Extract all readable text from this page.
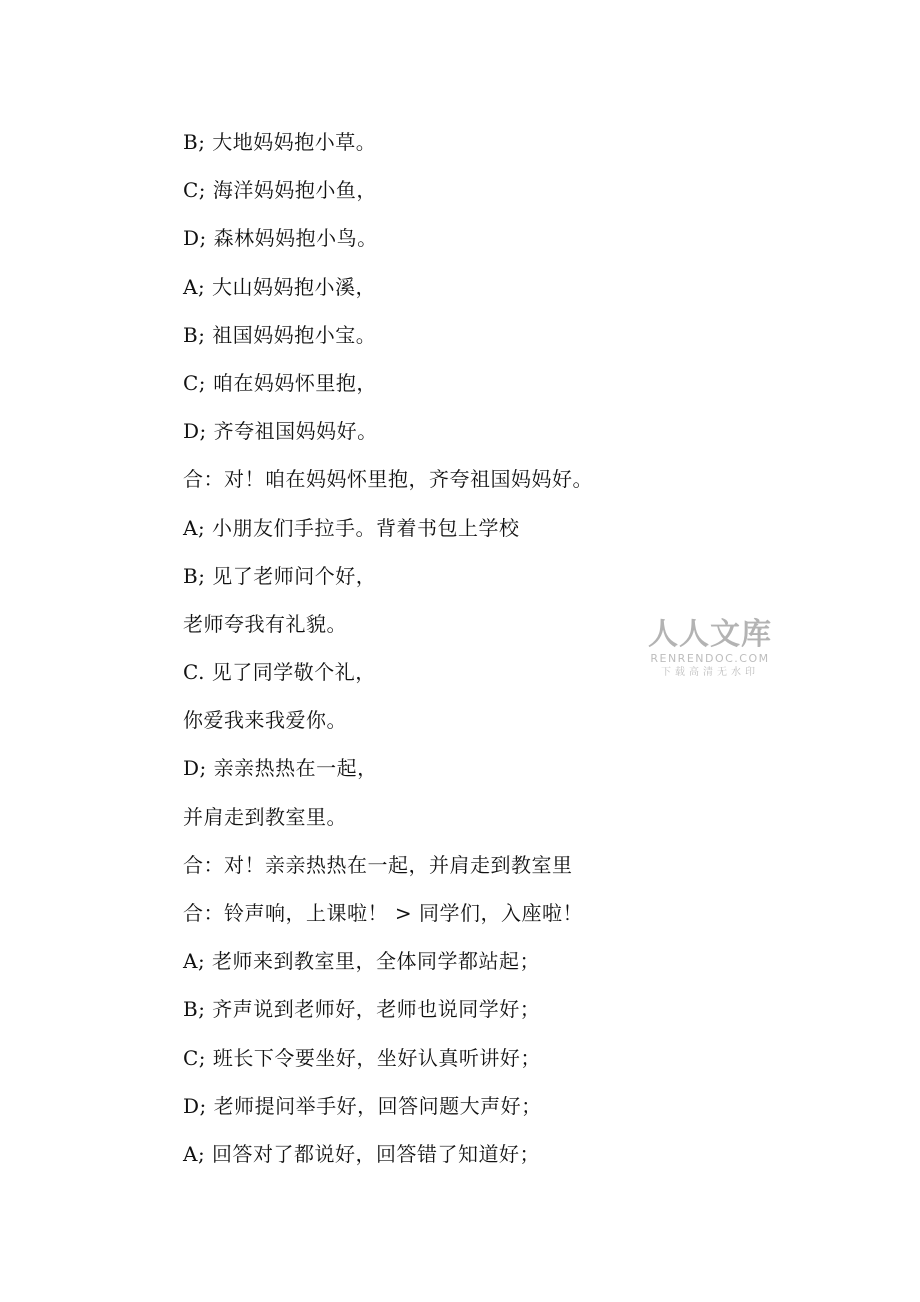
B; 大地妈妈抱小草。
C; 海洋妈妈抱小鱼，
D; 森林妈妈抱小鸟。
A; 大山妈妈抱小溪，
B; 祖国妈妈抱小宝。
C; 咱在妈妈怀里抱，
D; 齐夸祖国妈妈好。
合：对！咱在妈妈怀里抱，齐夸祖国妈妈好。
A; 小朋友们手拉手。背着书包上学校
B; 见了老师问个好，
老师夸我有礼貌。
C. 见了同学敬个礼，
你爱我来我爱你。
D; 亲亲热热在一起，
并肩走到教室里。
合：对！亲亲热热在一起，并肩走到教室里
合：铃声响，上课啦！ > 同学们，入座啦！
A; 老师来到教室里，全体同学都站起；
B; 齐声说到老师好，老师也说同学好；
C; 班长下令要坐好，坐好认真听讲好；
D; 老师提问举手好，回答问题大声好；
A; 回答对了都说好，回答错了知道好；
人人文库
RENRENDOC.COM
下载高清无水印
